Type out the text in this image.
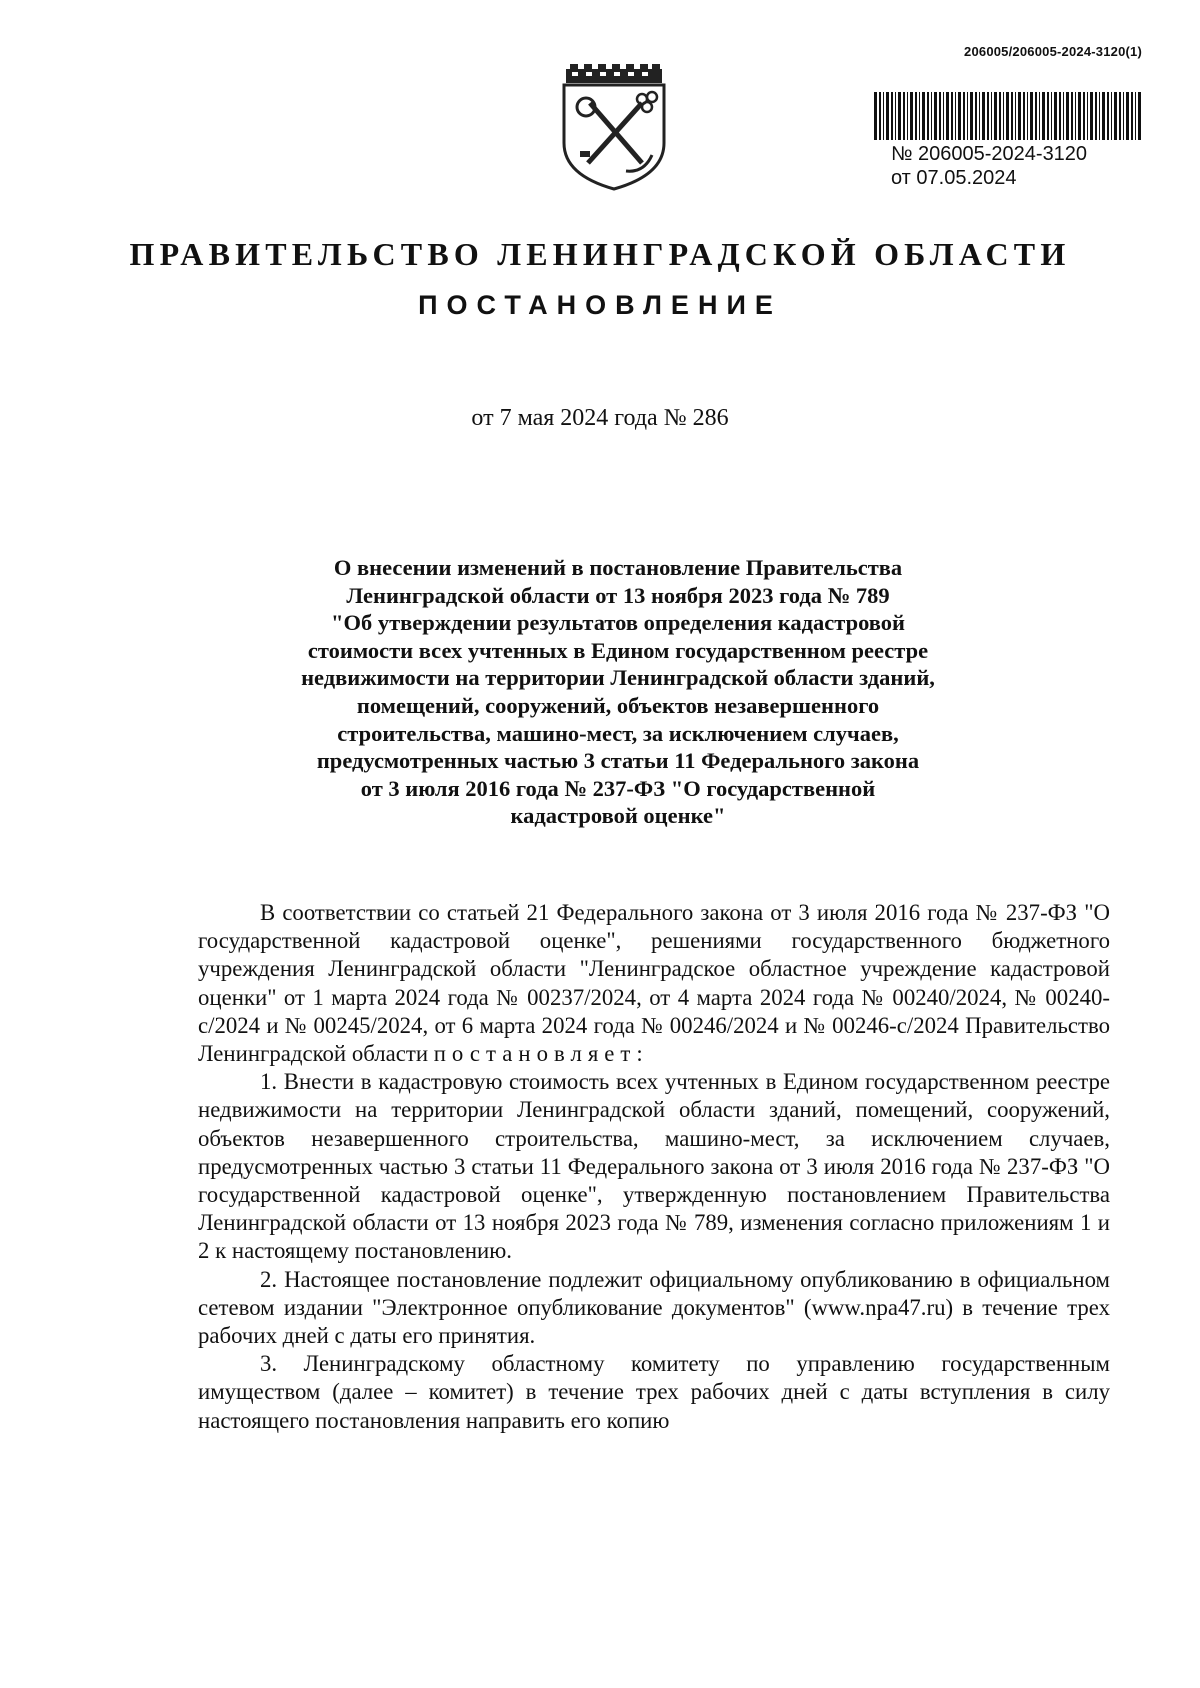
206005/206005-2024-3120(1)
№ 206005-2024-3120
от 07.05.2024
ПРАВИТЕЛЬСТВО ЛЕНИНГРАДСКОЙ ОБЛАСТИ
ПОСТАНОВЛЕНИЕ
от 7 мая 2024 года № 286
О внесении изменений в постановление Правительства
Ленинградской области от 13 ноября 2023 года № 789
"Об утверждении результатов определения кадастровой
стоимости всех учтенных в Едином государственном реестре
недвижимости на территории Ленинградской области зданий,
помещений, сооружений, объектов незавершенного
строительства, машино-мест, за исключением случаев,
предусмотренных частью 3 статьи 11 Федерального закона
от 3 июля 2016 года № 237-ФЗ "О государственной
кадастровой оценке"

В соответствии со статьей 21 Федерального закона от 3 июля 2016 года № 237-ФЗ "О государственной кадастровой оценке", решениями государственного бюджетного учреждения Ленинградской области "Ленинградское областное учреждение кадастровой оценки" от 1 марта 2024 года № 00237/2024, от 4 марта 2024 года № 00240/2024, № 00240-с/2024 и № 00245/2024, от 6 марта 2024 года № 00246/2024 и № 00246-с/2024 Правительство Ленинградской области постановляет:

1. Внести в кадастровую стоимость всех учтенных в Едином государственном реестре недвижимости на территории Ленинградской области зданий, помещений, сооружений, объектов незавершенного строительства, машино-мест, за исключением случаев, предусмотренных частью 3 статьи 11 Федерального закона от 3 июля 2016 года № 237-ФЗ "О государственной кадастровой оценке", утвержденную постановлением Правительства Ленинградской области от 13 ноября 2023 года № 789, изменения согласно приложениям 1 и 2 к настоящему постановлению.

2. Настоящее постановление подлежит официальному опубликованию в официальном сетевом издании "Электронное опубликование документов" (www.npa47.ru) в течение трех рабочих дней с даты его принятия.

3. Ленинградскому областному комитету по управлению государственным имуществом (далее – комитет) в течение трех рабочих дней с даты вступления в силу настоящего постановления направить его копию
